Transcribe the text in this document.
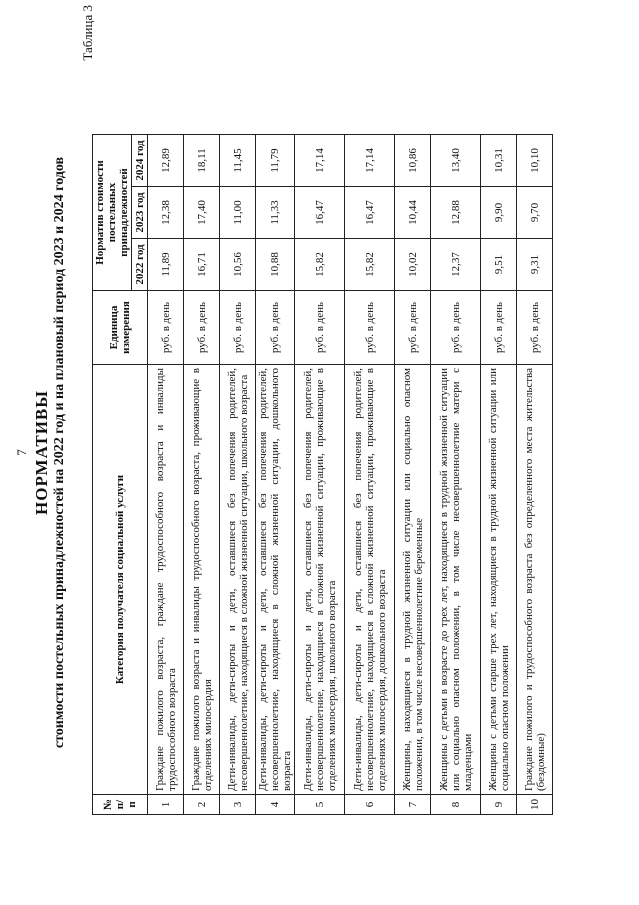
7 НОРМАТИВЫ стоимости постельных принадлежностей на 2022 год и на плановый период 2023 и 2024 годов
Таблица 3
№ п/п	Категория получателя социальной услуги	Единица измерения	Норматив стоимости постельных принадлежностей		
			2022 год	2023 год	2024 год
1	Граждане пожилого возраста, граждане трудоспособного возраста и инвалиды трудоспособного возраста	руб. в день	11,89	12,38	12,89
2	Граждане пожилого возраста и инвалиды трудоспособного возраста, проживающие в отделениях милосердия	руб. в день	16,71	17,40	18,11
3	Дети-инвалиды, дети-сироты и дети, оставшиеся без попечения родителей, несовершеннолетние, находящиеся в сложной жизненной ситуации, школьного возраста	руб. в день	10,56	11,00	11,45
4	Дети-инвалиды, дети-сироты и дети, оставшиеся без попечения родителей, несовершеннолетние, находящиеся в сложной жизненной ситуации, дошкольного возраста	руб. в день	10,88	11,33	11,79
5	Дети-инвалиды, дети-сироты и дети, оставшиеся без попечения родителей, несовершеннолетние, находящиеся в сложной жизненной ситуации, проживающие в отделениях милосердия, школьного возраста	руб. в день	15,82	16,47	17,14
6	Дети-инвалиды, дети-сироты и дети, оставшиеся без попечения родителей, несовершеннолетние, находящиеся в сложной жизненной ситуации, проживающие в отделениях милосердия, дошкольного возраста	руб. в день	15,82	16,47	17,14
7	Женщины, находящиеся в трудной жизненной ситуации или социально опасном положении, в том числе несовершеннолетние беременные	руб. в день	10,02	10,44	10,86
8	Женщины с детьми в возрасте до трех лет, находящиеся в трудной жизненной ситуации или социально опасном положении, в том числе несовершеннолетние матери с младенцами	руб. в день	12,37	12,88	13,40
9	Женщины с детьми старше трех лет, находящиеся в трудной жизненной ситуации или социально опасном положении	руб. в день	9,51	9,90	10,31
10	Граждане пожилого и трудоспособного возраста без определенного места жительства (бездомные)	руб. в день	9,31	9,70	10,10
